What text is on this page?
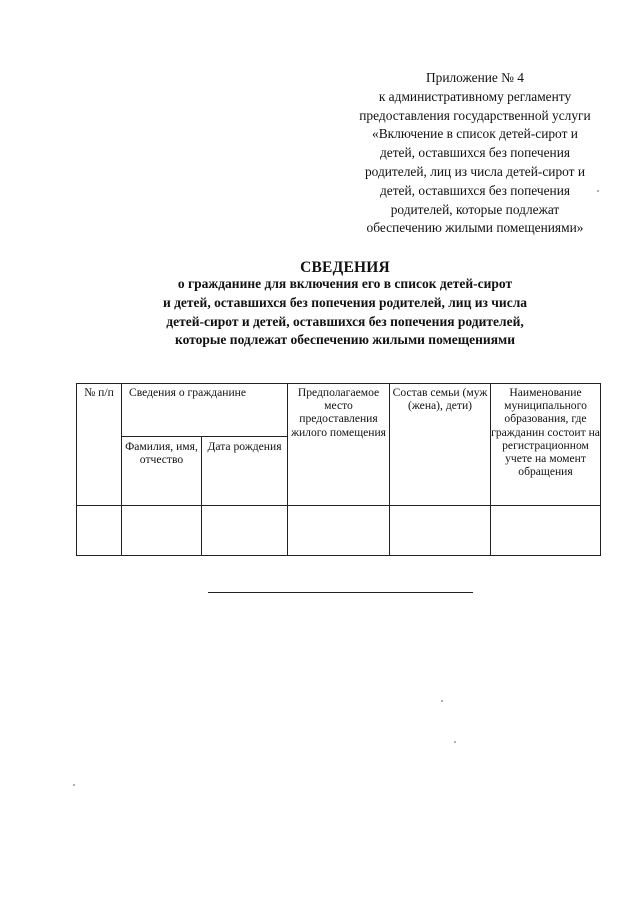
Приложение № 4
к административному регламенту
предоставления государственной услуги
«Включение в список детей-сирот и
детей, оставшихся без попечения
родителей, лиц из числа детей-сирот и
детей, оставшихся без попечения
родителей, которые подлежат
обеспечению жилыми помещениями»
СВЕДЕНИЯ
о гражданине для включения его в список детей-сирот
и детей, оставшихся без попечения родителей, лиц из числа
детей-сирот и детей, оставшихся без попечения родителей,
которые подлежат обеспечению жилыми помещениями
№ п/п	Сведения о гражданине		Предполагаемое место предоставления жилого помещения	Состав семьи (муж (жена), дети)	Наименование муниципального образования, где гражданин состоит на регистрационном учете на момент обращения
	Фамилия, имя, отчество	Дата рождения			
